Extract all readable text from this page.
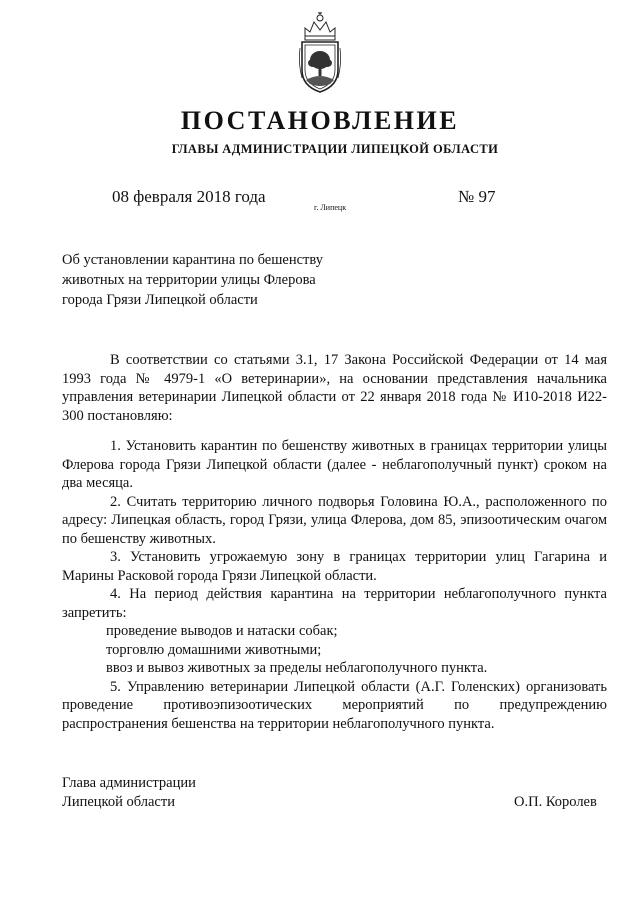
ПОСТАНОВЛЕНИЕ
ГЛАВЫ АДМИНИСТРАЦИИ ЛИПЕЦКОЙ ОБЛАСТИ
08 февраля 2018 года
г. Липецк
№ 97
Об установлении карантина по бешенству
животных на территории улицы Флерова
города Грязи Липецкой области

В соответствии со статьями 3.1, 17 Закона Российской Федерации от 14 мая 1993 года № 4979-1 «О ветеринарии», на основании представления начальника управления ветеринарии Липецкой области от 22 января 2018 года № И10-2018 И22-300 постановляю:

1. Установить карантин по бешенству животных в границах территории улицы Флерова города Грязи Липецкой области (далее - неблагополучный пункт) сроком на два месяца.

2. Считать территорию личного подворья Головина Ю.А., расположенного по адресу: Липецкая область, город Грязи, улица Флерова, дом 85, эпизоотическим очагом по бешенству животных.

3. Установить угрожаемую зону в границах территории улиц Гагарина и Марины Расковой города Грязи Липецкой области.

4. На период действия карантина на территории неблагополучного пункта запретить:

проведение выводов и натаски собак;

торговлю домашними животными;

ввоз и вывоз животных за пределы неблагополучного пункта.

5. Управлению ветеринарии Липецкой области (А.Г. Голенских) организовать проведение противоэпизоотических мероприятий по предупреждению распространения бешенства на территории неблагополучного пункта.

Глава администрации
Липецкой области	О.П. Королев
